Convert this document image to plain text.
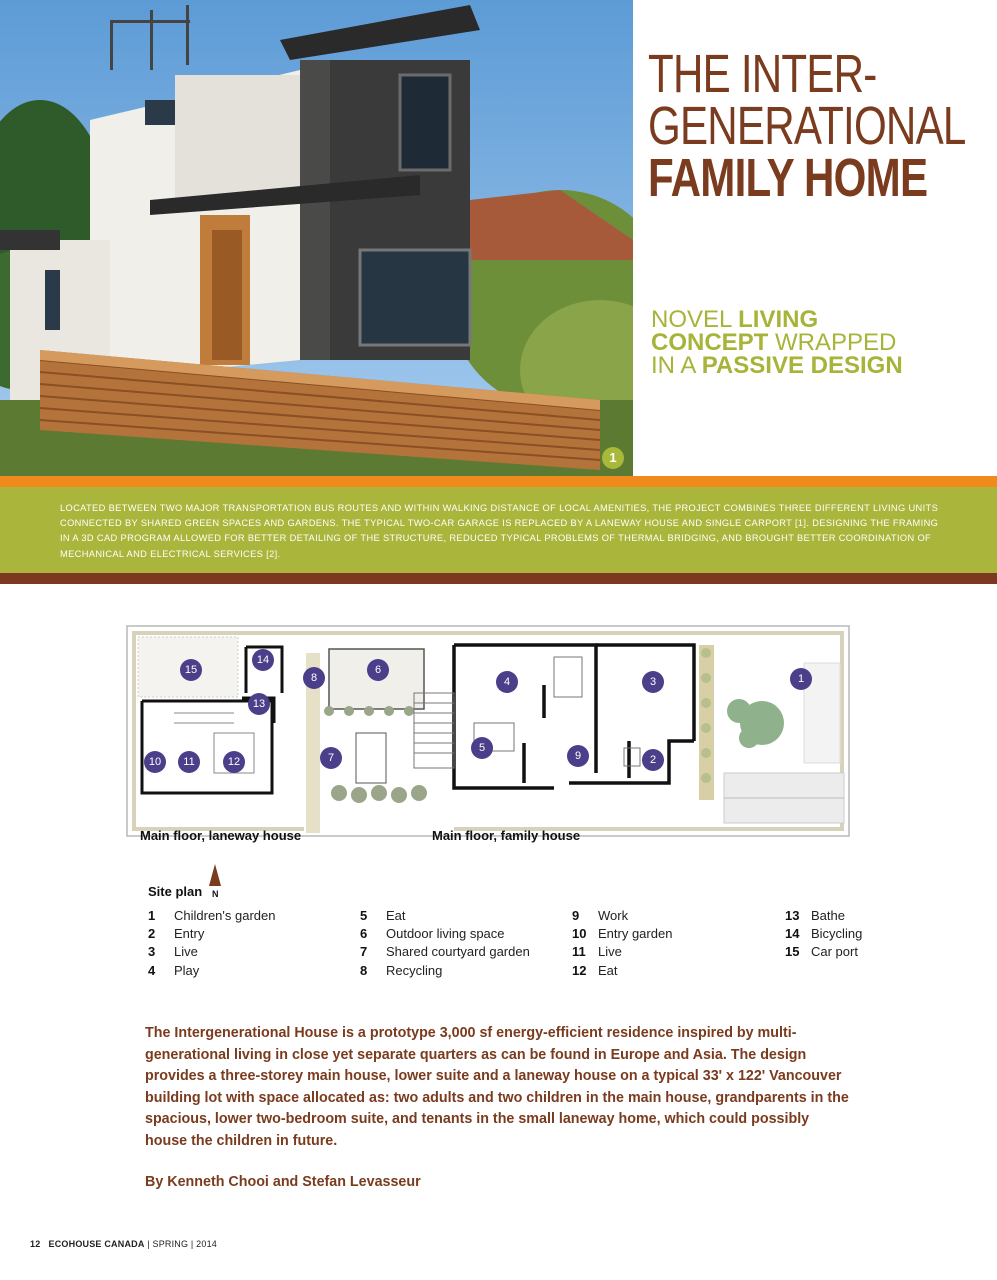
1
THE INTER-
GENERATIONAL
FAMILY HOME
NOVEL LIVING
CONCEPT WRAPPED
IN A PASSIVE DESIGN
LOCATED BETWEEN TWO MAJOR TRANSPORTATION BUS ROUTES AND WITHIN WALKING DISTANCE OF LOCAL AMENITIES, THE PROJECT COMBINES THREE DIFFERENT LIVING UNITS CONNECTED BY SHARED GREEN SPACES AND GARDENS. THE TYPICAL TWO-CAR GARAGE IS REPLACED BY A LANEWAY HOUSE AND SINGLE CARPORT [1]. DESIGNING THE FRAMING IN A 3D CAD PROGRAM ALLOWED FOR BETTER DETAILING OF THE STRUCTURE, REDUCED TYPICAL PROBLEMS OF THERMAL BRIDGING, AND BROUGHT BETTER COORDINATION OF MECHANICAL AND ELECTRICAL SERVICES [2].
15
14
13
10	11	12
8
6
7
4
5
3
9	2
1
Main floor, laneway house	Main floor, family house
Site plan N
1	Children's garden
2	Entry
3	Live
4	Play
5	Eat
6	Outdoor living space
7	Shared courtyard garden
8	Recycling
9	Work
10 Entry garden
11 Live
12 Eat
13 Bathe
14 Bicycling
15 Car port
The Intergenerational House is a prototype 3,000 sf energy-efficient residence inspired by multi-generational living in close yet separate quarters as can be found in Europe and Asia. The design provides a three-storey main house, lower suite and a laneway house on a typical 33' x 122' Vancouver building lot with space allocated as: two adults and two children in the main house, grandparents in the spacious, lower two-bedroom suite, and tenants in the small laneway home, which could possibly house the children in future.
By Kenneth Chooi and Stefan Levasseur
12 ECOHOUSE CANADA | SPRING | 2014
